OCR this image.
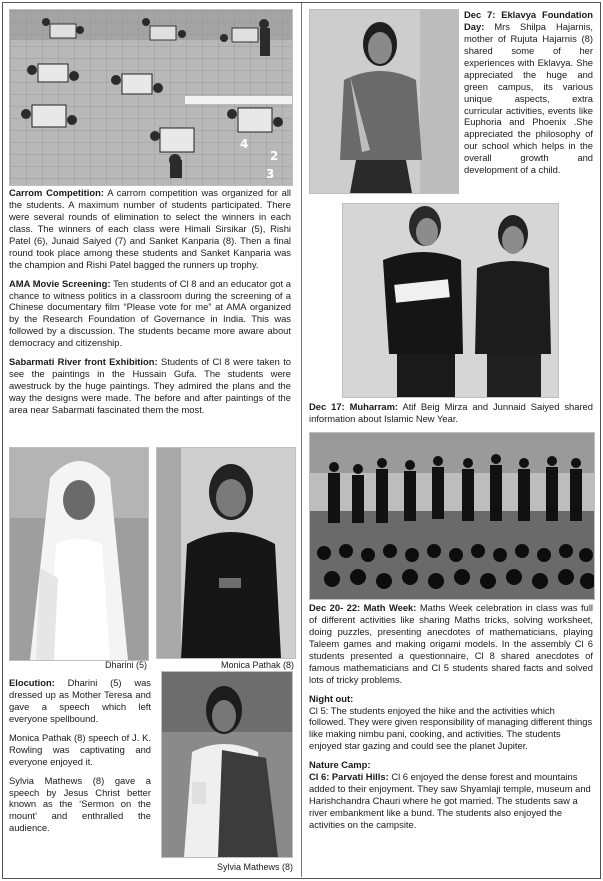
4
2
3

Carrom Competition: A carrom competition was organized for all the students. A maximum number of students participated. There were several rounds of elimination to select the winners in each class. The winners of each class were Himali Sirsikar (5), Rishi Patel (6), Junaid Saiyed (7) and Sanket Kanparia (8). Then a final round took place among these students and Sanket Kanparia was the champion and Rishi Patel bagged the runners up trophy.

AMA Movie Screening: Ten students of Cl 8 and an educator got a chance to witness politics in a classroom during the screening of a Chinese documentary film “Please vote for me” at AMA organized by the Research Foundation of Governance in India. This was followed by a discussion. The students became more aware about democracy and citizenship.

Sabarmati River front Exhibition: Students of Cl 8 were taken to see the paintings in the Hussain Gufa. The students were awestruck by the huge paintings. They admired the plans and the way the designs were made. The before and after paintings of the area near Sabarmati fascinated them the most.

Dharini (5)	Monica Pathak (8)

Elocution: Dharini (5) was dressed up as Mother Teresa and gave a speech which left everyone spellbound.

Monica Pathak (8) speech of J. K. Rowling was captivating and everyone enjoyed it.

Sylvia Mathews (8) gave a speech by Jesus Christ better known as the ‘Sermon on the mount’ and enthralled the audience.

Sylvia Mathews (8)
Dec 7: Eklavya Foundation Day: Mrs Shilpa Hajarnis, mother of Rujuta Hajarnis (8) shared some of her experiences with Eklavya. She appreciated the huge and green campus, its various unique aspects, extra curricular activities, events like Euphoria and Phoenix .She appreciated the philosophy of our school which helps in the overall growth and development of a child.
Dec 17: Muharram: Atif Beig Mirza and Junnaid Saiyed shared information about Islamic New Year.

Dec 20- 22: Math Week: Maths Week celebration in class was full of different activities like sharing Maths tricks, solving worksheet, doing puzzles, presenting anecdotes of mathematicians, playing Taleem games and making origami models. In the assembly Cl 6 students presented a questionnaire, Cl 8 shared anecdotes of famous mathematicians and Cl 5 students shared facts and solved lots of tricky problems.

Night out:
Cl 5: The students enjoyed the hike and the activities which followed. They were given responsibility of managing different things like making nimbu pani, cooking, and activities. The students enjoyed star gazing and could see the planet Jupiter.

Nature Camp:
Cl 6: Parvati Hills: Cl 6 enjoyed the dense forest and mountains added to their enjoyment. They saw Shyamlaji temple, museum and Harishchandra Chauri where he got married. The students saw a river embankment like a bund. The students also enjoyed the activities on the campsite.
